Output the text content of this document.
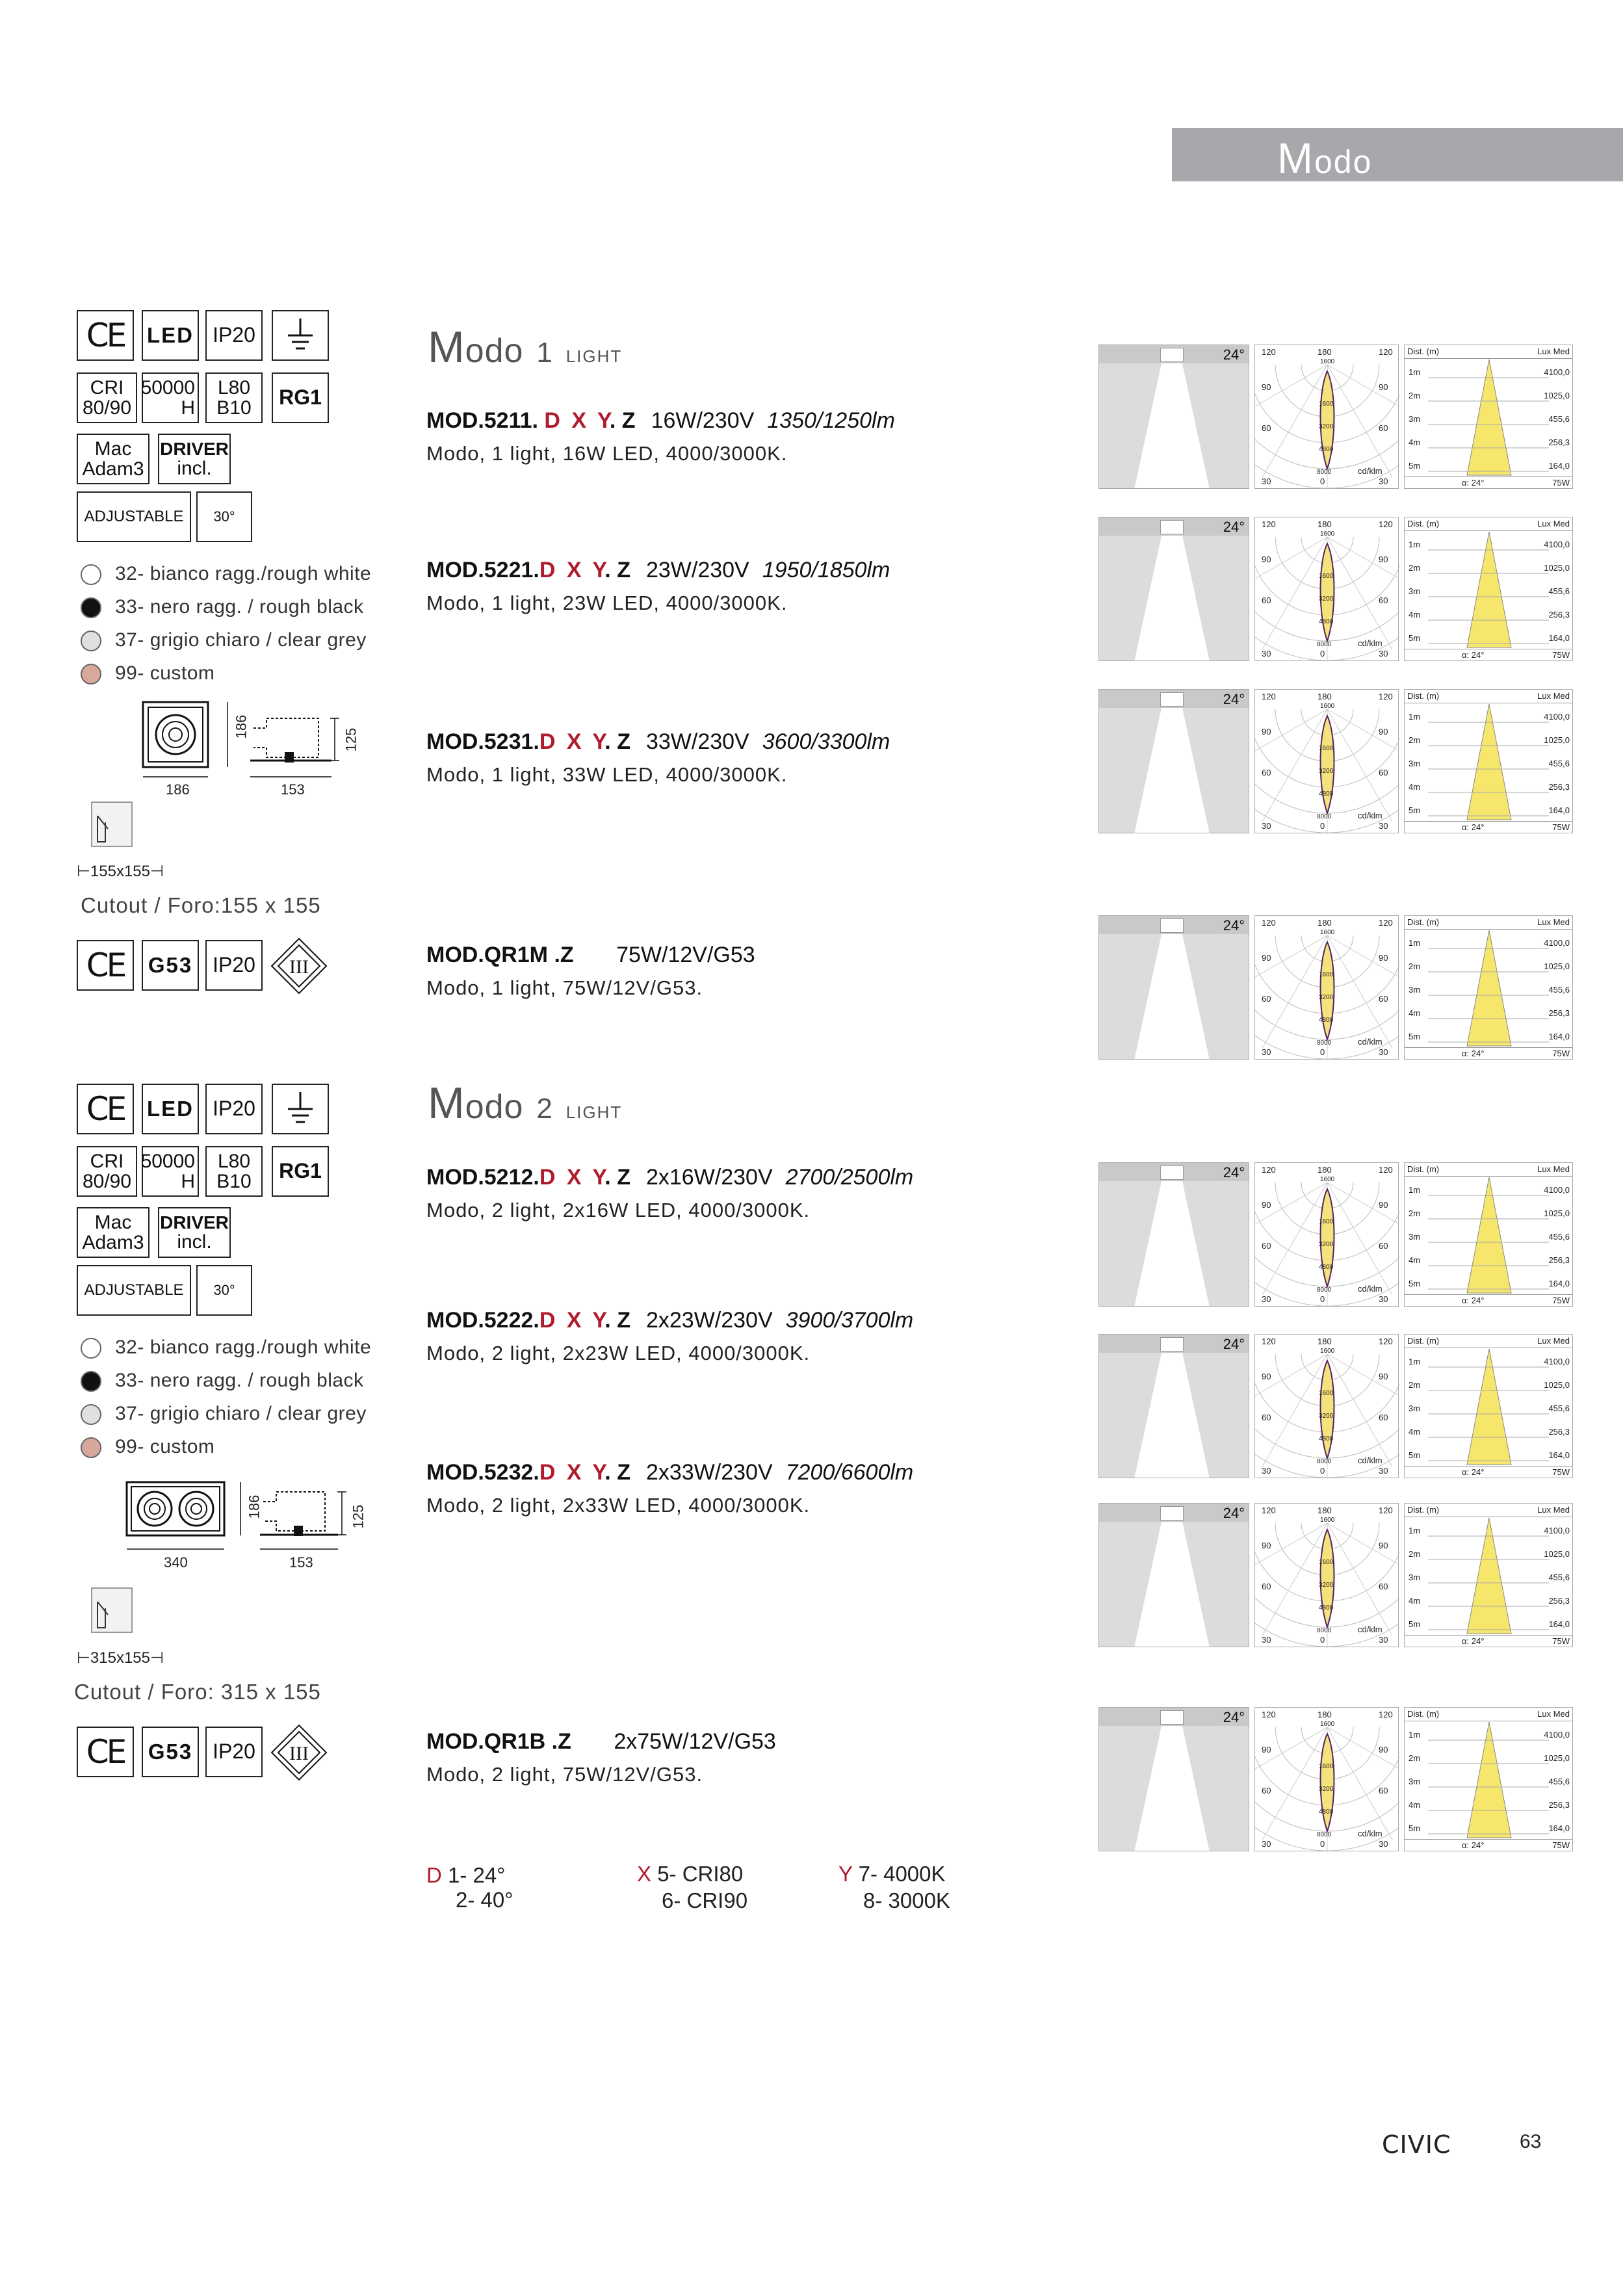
Modo
CE	LED IP20
CRI
80/90
50000
H
L80
B10	RG1
Mac
Adam3
DRIVER
incl.
ADJUSTABLE	30°
32- bianco ragg./rough white
33- nero ragg. / rough black
37- grigio chiaro / clear grey
99- custom
186
125
186	153
⊢155x155⊣
Cutout / Foro:155 x 155
CE	G53 IP20	III
Modo 1 LIGHT
MOD.5211. D X Y. Z 16W/230V 1350/1250lm
Modo, 1 light, 16W LED, 4000/3000K.
MOD.5221.D X Y. Z 23W/230V 1950/1850lm
Modo, 1 light, 23W LED, 4000/3000K.
MOD.5231.D X Y. Z 33W/230V 3600/3300lm
Modo, 1 light, 33W LED, 4000/3000K.
MOD.QR1M .Z 75W/12V/G53
Modo, 1 light, 75W/12V/G53.
CE	LED IP20
CRI
80/90
50000
H
L80
B10	RG1
Mac
Adam3
DRIVER
incl.
ADJUSTABLE	30°
32- bianco ragg./rough white
33- nero ragg. / rough black
37- grigio chiaro / clear grey
99- custom
186	125
340	153
⊢315x155⊣
Cutout / Foro: 315 x 155
CE	G53 IP20	III
Modo 2 LIGHT
MOD.5212.D X Y. Z 2x16W/230V 2700/2500lm
Modo, 2 light, 2x16W LED, 4000/3000K.
MOD.5222.D X Y. Z 2x23W/230V 3900/3700lm
Modo, 2 light, 2x23W LED, 4000/3000K.
MOD.5232.D X Y. Z 2x33W/230V 7200/6600lm
Modo, 2 light, 2x33W LED, 4000/3000K.
MOD.QR1B .Z 2x75W/12V/G53
Modo, 2 light, 75W/12V/G53.
24° 120	180	120
1600
90	90
60	60
30	0	30
8000
1600
3200
4800
cd/klm
Dist. (m)	Lux Med
1m	4100,0
2m	1025,0
3m	455,6
4m	256,3
5m	164,0
α: 24°	75W
24° 120	180	120
1600
90	90
60	60
30	0	30
8000
1600
3200
4800
cd/klm
Dist. (m)	Lux Med
1m	4100,0
2m	1025,0
3m	455,6
4m	256,3
5m	164,0
α: 24°	75W
24° 120	180	120
1600
90	90
60	60
30	0	30
8000
1600
3200
4800
cd/klm
Dist. (m)	Lux Med
1m	4100,0
2m	1025,0
3m	455,6
4m	256,3
5m	164,0
α: 24°	75W
24° 120	180	120
1600
90	90
60	60
30	0	30
8000
1600
3200
4800
cd/klm
Dist. (m)	Lux Med
1m	4100,0
2m	1025,0
3m	455,6
4m	256,3
5m	164,0
α: 24°	75W
24° 120	180	120
1600
90	90
60	60
30	0	30
8000
1600
3200
4800
cd/klm
Dist. (m)	Lux Med
1m	4100,0
2m	1025,0
3m	455,6
4m	256,3
5m	164,0
α: 24°	75W
24° 120	180	120
1600
90	90
60	60
30	0	30
8000
1600
3200
4800
cd/klm
Dist. (m)	Lux Med
1m	4100,0
2m	1025,0
3m	455,6
4m	256,3
5m	164,0
α: 24°	75W
24° 120	180	120
1600
90	90
60	60
30	0	30
8000
1600
3200
4800
cd/klm
Dist. (m)	Lux Med
1m	4100,0
2m	1025,0
3m	455,6
4m	256,3
5m	164,0
α: 24°	75W
24° 120	180	120
1600
90	90
60	60
30	0	30
8000
1600
3200
4800
cd/klm
Dist. (m)	Lux Med
1m	4100,0
2m	1025,0
3m	455,6
4m	256,3
5m	164,0
α: 24°	75W
D 1- 24°
2- 40°
X 5- CRI80
6- CRI90
Y 7- 4000K
8- 3000K
CIVIC	63
